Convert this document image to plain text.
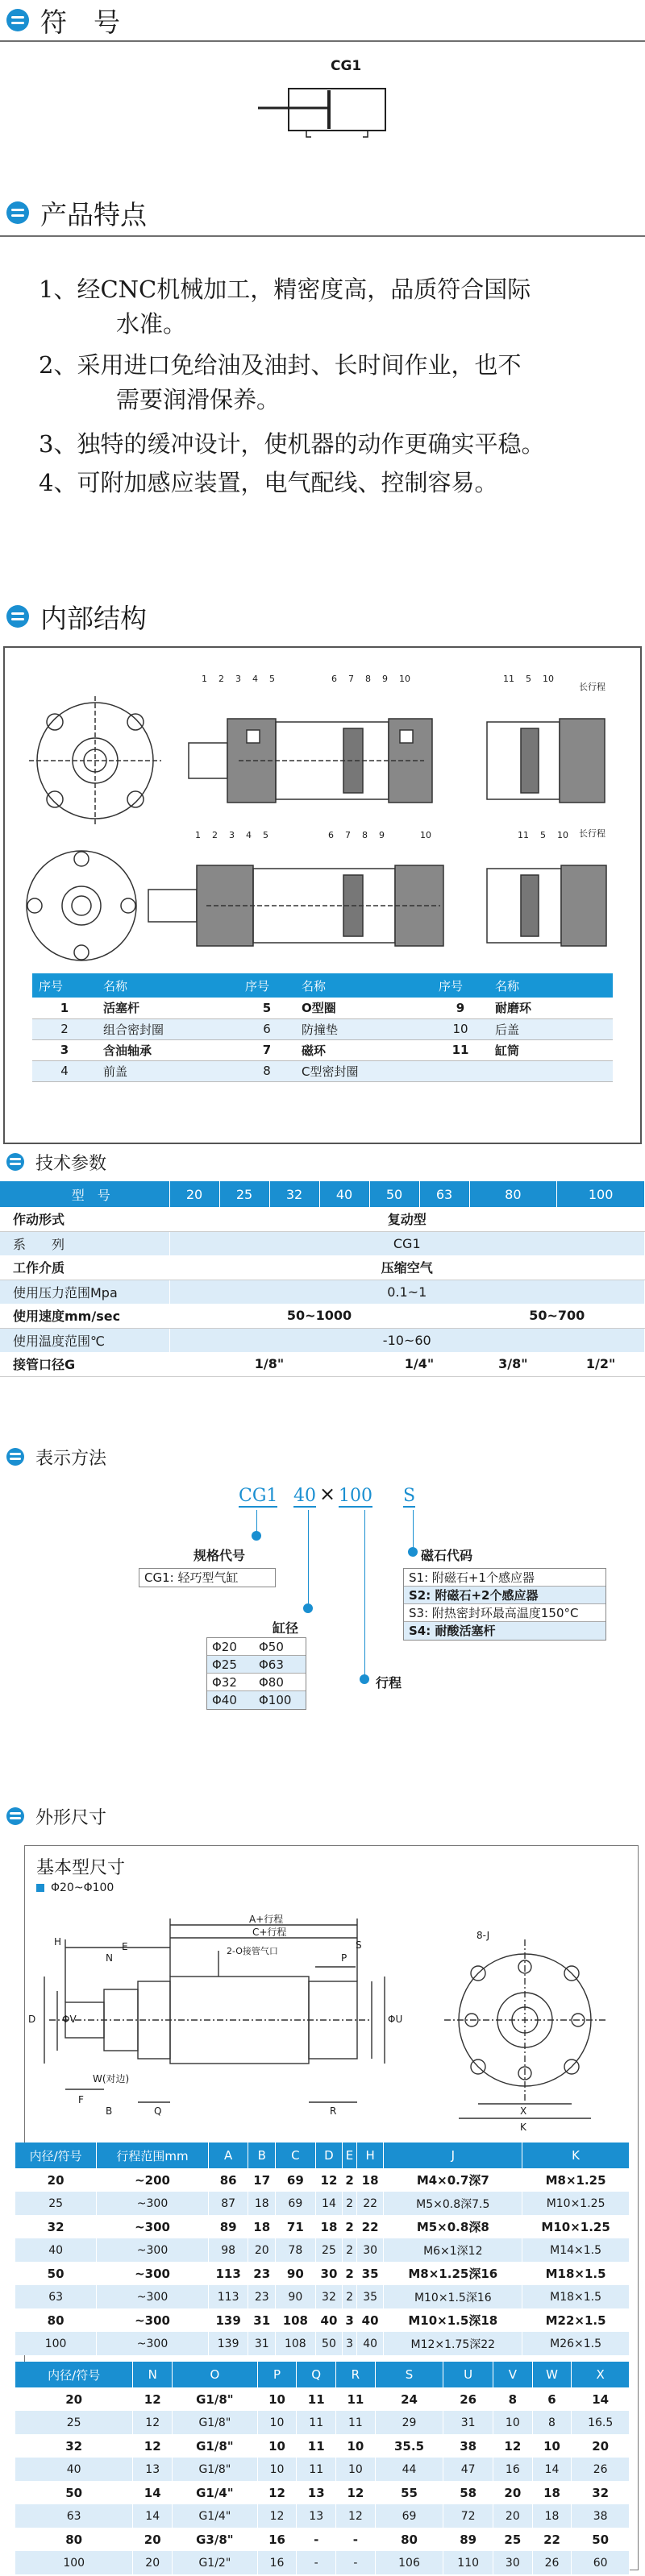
符　号
CG1
产品特点
1、经CNC机械加工，精密度高，品质符合国际
水准。
2、采用进口免给油及油封、长时间作业，也不
需要润滑保养。
3、独特的缓冲设计，使机器的动作更确实平稳。
4、可附加感应装置，电气配线、控制容易。
内部结构
长行程
长行程
1 2 3 4 5	6 7 8 9 10	11 5 10
1 2 3 4 5	6 7 8 9	10	11 5 10
序号	名称	序号	名称	序号	名称
1	活塞杆	5	O型圈	9	耐磨环
2	组合密封圈	6	防撞垫	10	后盖
3	含油轴承	7	磁环	11	缸筒
4	前盖	8	C型密封圈		
技术参数
型　号	20	25	32	40	50	63	80	100
作动形式	复动型							
系　　列	CG1							
工作介质	压缩空气							
使用压力范围Mpa	0.1~1							
使用速度mm/sec	50~1000						50~700	
使用温度范围℃	-10~60							
接管口径G	1/8"				1/4"		3/8"	1/2"
表示方法
CG1 40 × 100 S
规格代号
CG1: 轻巧型气缸
缸径
Φ20 Φ50
Φ25 Φ63
Φ32 Φ80
Φ40 Φ100
行程
磁石代码
S1: 附磁石+1个感应器
S2: 附磁石+2个感应器
S3: 附热密封环最高温度150°C
S4: 耐酸活塞杆
外形尺寸
基本型尺寸
Φ20~Φ100
H
A+行程
C+行程
E
N
S
P
2-O接管气口
D	ΦV
W(对边)
F
Q
B	R
ΦU
8-J
X
K
内径/符号	行程范围mm	A	B	C	D	E	H	J	K
20	~200	86	17	69	12	2	18	M4×0.7深7	M8×1.25
25	~300	87	18	69	14	2	22	M5×0.8深7.5	M10×1.25
32	~300	89	18	71	18	2	22	M5×0.8深8	M10×1.25
40	~300	98	20	78	25	2	30	M6×1深12	M14×1.5
50	~300	113	23	90	30	2	35	M8×1.25深16	M18×1.5
63	~300	113	23	90	32	2	35	M10×1.5深16	M18×1.5
80	~300	139	31	108	40	3	40	M10×1.5深18	M22×1.5
100	~300	139	31	108	50	3	40	M12×1.75深22	M26×1.5
内径/符号	N	O	P	Q	R	S	U	V	W	X
20	12	G1/8"	10	11	11	24	26	8	6	14
25	12	G1/8"	10	11	11	29	31	10	8	16.5
32	12	G1/8"	10	11	10	35.5	38	12	10	20
40	13	G1/8"	10	11	10	44	47	16	14	26
50	14	G1/4"	12	13	12	55	58	20	18	32
63	14	G1/4"	12	13	12	69	72	20	18	38
80	20	G3/8"	16	-	-	80	89	25	22	50
100	20	G1/2"	16	-	-	106	110	30	26	60
